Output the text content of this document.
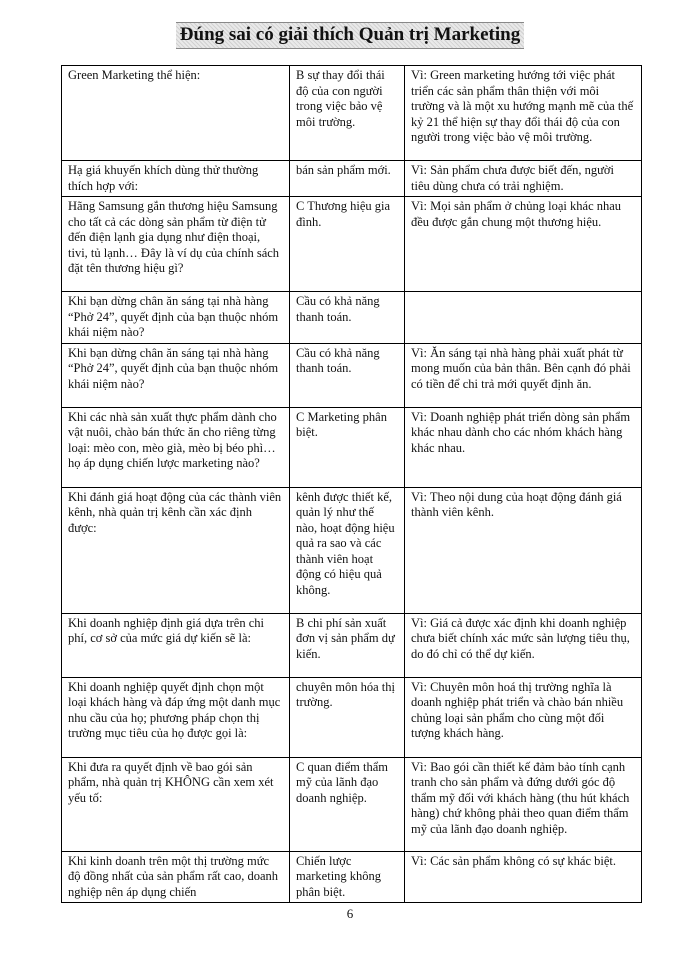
Đúng sai có giải thích Quản trị Marketing
Green Marketing thể hiện:	B sự thay đổi thái độ của con người trong việc bảo vệ môi trường.	Vì: Green marketing hướng tới việc phát triển các sản phẩm thân thiện với môi trường và là một xu hướng mạnh mẽ của thế kỷ 21 thể hiện sự thay đổi thái độ của con người trong việc bảo vệ môi trường.
Hạ giá khuyến khích dùng thử thường thích hợp với:	bán sản phẩm mới.	Vì: Sản phẩm chưa được biết đến, người tiêu dùng chưa có trải nghiệm.
Hãng Samsung gắn thương hiệu Samsung cho tất cả các dòng sản phẩm từ điện tử đến điện lạnh gia dụng như điện thoại, tivi, tủ lạnh… Đây là ví dụ của chính sách đặt tên thương hiệu gì?	C Thương hiệu gia đình.	Vì: Mọi sản phẩm ở chủng loại khác nhau đều được gắn chung một thương hiệu.
Khi bạn dừng chân ăn sáng tại nhà hàng “Phở 24”, quyết định của bạn thuộc nhóm khái niệm nào?	Cầu có khả năng thanh toán.	
Khi bạn dừng chân ăn sáng tại nhà hàng “Phở 24”, quyết định của bạn thuộc nhóm khái niệm nào?	Cầu có khả năng thanh toán.	Vì: Ăn sáng tại nhà hàng phải xuất phát từ mong muốn của bản thân. Bên cạnh đó phải có tiền để chi trả mới quyết định ăn.
Khi các nhà sản xuất thực phẩm dành cho vật nuôi, chào bán thức ăn cho riêng từng loại: mèo con, mèo già, mèo bị béo phì… họ áp dụng chiến lược marketing nào?	C Marketing phân biệt.	Vì: Doanh nghiệp phát triển dòng sản phẩm khác nhau dành cho các nhóm khách hàng khác nhau.
Khi đánh giá hoạt động của các thành viên kênh, nhà quản trị kênh cần xác định được:	kênh được thiết kế, quản lý như thế nào, hoạt động hiệu quả ra sao và các thành viên hoạt động có hiệu quả không.	Vì: Theo nội dung của hoạt động đánh giá thành viên kênh.
Khi doanh nghiệp định giá dựa trên chi phí, cơ sở của mức giá dự kiến sẽ là:	B chi phí sản xuất đơn vị sản phẩm dự kiến.	Vì: Giá cả được xác định khi doanh nghiệp chưa biết chính xác mức sản lượng tiêu thụ, do đó chỉ có thể dự kiến.
Khi doanh nghiệp quyết định chọn một loại khách hàng và đáp ứng một danh mục nhu cầu của họ; phương pháp chọn thị trường mục tiêu của họ được gọi là:	chuyên môn hóa thị trường.	Vì: Chuyên môn hoá thị trường nghĩa là doanh nghiệp phát triển và chào bán nhiều chủng loại sản phẩm cho cùng một đối tượng khách hàng.
Khi đưa ra quyết định về bao gói sản phẩm, nhà quản trị KHÔNG cần xem xét yếu tố:	C quan điểm thẩm mỹ của lãnh đạo doanh nghiệp.	Vì: Bao gói cần thiết kế đảm bảo tính cạnh tranh cho sản phẩm và đứng dưới góc độ thẩm mỹ đối với khách hàng (thu hút khách hàng) chứ không phải theo quan điểm thẩm mỹ của lãnh đạo doanh nghiệp.
Khi kinh doanh trên một thị trường mức độ đồng nhất của sản phẩm rất cao, doanh nghiệp nên áp dụng chiến	Chiến lược marketing không phân biệt.	Vì: Các sản phẩm không có sự khác biệt.
6
